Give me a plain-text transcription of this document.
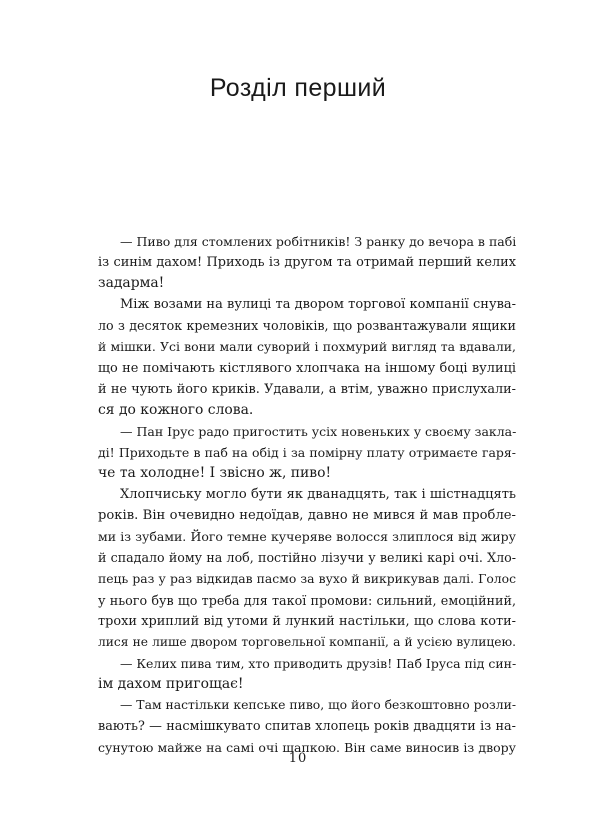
Розділ перший
— Пиво для стомлених робітників! З ранку до вечора в пабі
із синім дахом! Приходь із другом та отримай перший келих
задарма!
Між возами на вулиці та двором торгової компанії снува-
ло з десяток кремезних чоловіків, що розвантажували ящики
й мішки. Усі вони мали суворий і похмурий вигляд та вдавали,
що не помічають кістлявого хлопчака на іншому боці вулиці
й не чують його криків. Удавали, а втім, уважно прислухали-
ся до кожного слова.
— Пан Ірус радо пригостить усіх новеньких у своєму закла-
ді! Приходьте в паб на обід і за помірну плату отримаєте гаря-
че та холодне! І звісно ж, пиво!
Хлопчиську могло бути як дванадцять, так і шістнадцять
років. Він очевидно недоїдав, давно не мився й мав пробле-
ми із зубами. Його темне кучеряве волосся злиплося від жиру
й спадало йому на лоб, постійно лізучи у великі карі очі. Хло-
пець раз у раз відкидав пасмо за вухо й викрикував далі. Голос
у нього був що треба для такої промови: сильний, емоційний,
трохи хриплий від утоми й лункий настільки, що слова коти-
лися не лише двором торговельної компанії, а й усією вулицею.
— Келих пива тим, хто приводить друзів! Паб Іруса під син-
ім дахом пригощає!
— Там настільки кепське пиво, що його безкоштовно розли-
вають? — насмішкувато спитав хлопець років двадцяти із на-
сунутою майже на самі очі шапкою. Він саме виносив із двору
10
